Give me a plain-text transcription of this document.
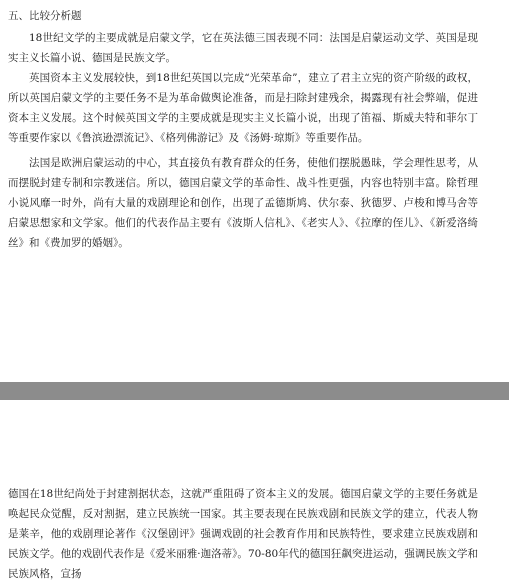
五、比较分析题

18世纪文学的主要成就是启蒙文学，它在英法德三国表现不同：法国是启蒙运动文学、英国是现实主义长篇小说、德国是民族文学。

英国资本主义发展较快，到18世纪英国以完成“光荣革命”，建立了君主立宪的资产阶级的政权，所以英国启蒙文学的主要任务不是为革命做舆论准备，而是扫除封建残余，揭露现有社会弊端，促进资本主义发展。这个时候英国文学的主要成就是现实主义长篇小说，出现了笛福、斯威夫特和菲尔丁等重要作家以《鲁滨逊漂流记》、《格列佛游记》及《汤姆·琼斯》等重要作品。

法国是欧洲启蒙运动的中心，其直接负有教育群众的任务，使他们摆脱愚昧，学会理性思考，从而摆脱封建专制和宗教迷信。所以，德国启蒙文学的革命性、战斗性更强，内容也特别丰富。除哲理小说风靡一时外，尚有大量的戏剧理论和创作，出现了孟德斯鸠、伏尔泰、狄德罗、卢梭和博马舍等启蒙思想家和文学家。他们的代表作品主要有《波斯人信札》、《老实人》、《拉摩的侄儿》、《新爱洛绮丝》和《费加罗的婚姻》。

德国在18世纪尚处于封建割据状态，这就严重阻碍了资本主义的发展。德国启蒙文学的主要任务就是唤起民众觉醒，反对割据，建立民族统一国家。其主要表现在民族戏剧和民族文学的建立，代表人物是莱辛，他的戏剧理论著作《汉堡剧评》强调戏剧的社会教育作用和民族特性，要求建立民族戏剧和民族文学。他的戏剧代表作是《爱米丽雅·迦洛蒂》。70-80年代的德国狂飙突进运动，强调民族文学和民族风格，宣扬
